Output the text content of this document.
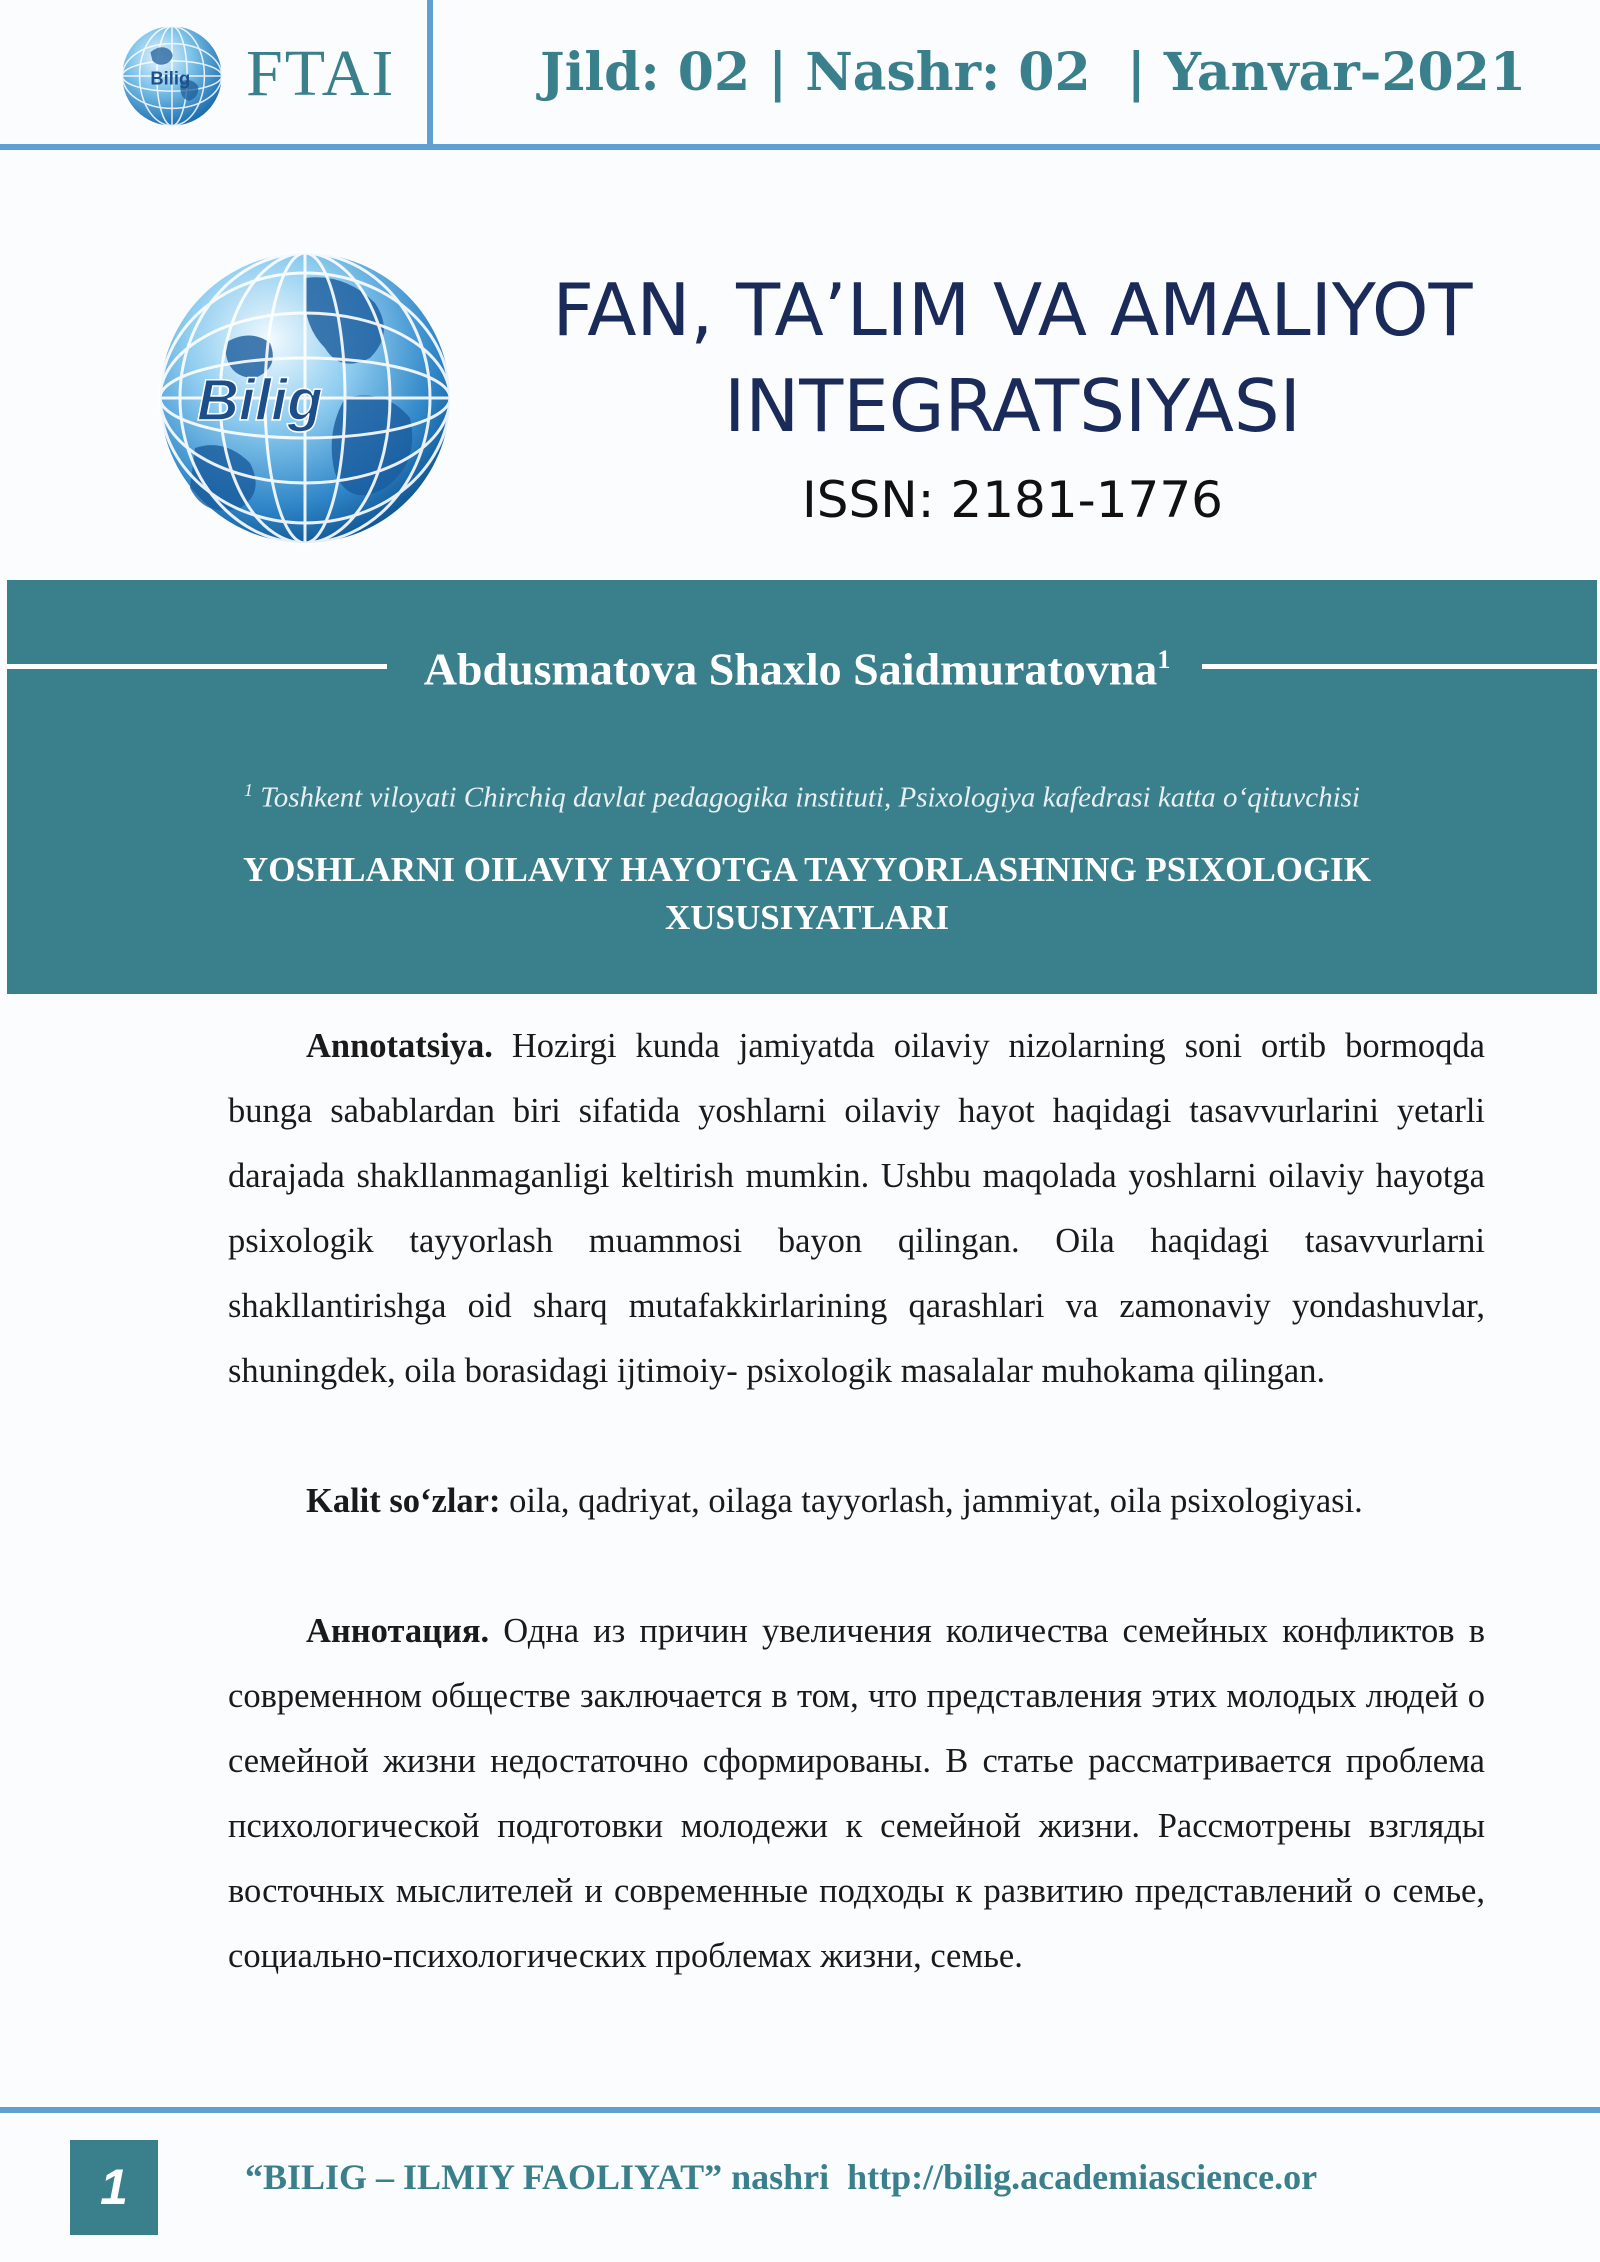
Bilig FTAI	Jild: 02 | Nashr: 02  | Yanvar-2021
Bilig
FAN, TA’LIM VA AMALIYOT
INTEGRATSIYASI
ISSN: 2181-1776
Abdusmatova Shaxlo Saidmuratovna$^1$
$^1$ Toshkent viloyati Chirchiq davlat pedagogika instituti, Psixologiya kafedrasi katta o‘qituvchisi
YOSHLARNI OILAVIY HAYOTGA TAYYORLASHNING PSIXOLOGIK XUSUSIYATLARI
Annotatsiya. Hozirgi kunda jamiyatda oilaviy nizolarning soni ortib bormoqda bunga sabablardan biri sifatida yoshlarni oilaviy hayot haqidagi tasavvurlarini yetarli darajada shakllanmaganligi keltirish mumkin. Ushbu maqolada yoshlarni oilaviy hayotga psixologik tayyorlash muammosi bayon qilingan. Oila haqidagi tasavvurlarni shakllantirishga oid sharq mutafakkirlarining qarashlari va zamonaviy yondashuvlar, shuningdek, oila borasidagi ijtimoiy- psixologik masalalar muhokama qilingan.
Kalit so‘zlar: oila, qadriyat, oilaga tayyorlash, jammiyat, oila psixologiyasi.
Аннотация. Одна из причин увеличения количества семейных конфликтов в современном обществе заключается в том, что представления этих молодых людей о семейной жизни недостаточно сформированы. В статье рассматривается проблема психологической подготовки молодежи к семейной жизни. Рассмотрены взгляды восточных мыслителей и современные подходы к развитию представлений о семье, социально-психологических проблемах жизни, семье.
1	“BILIG – ILMIY FAOLIYAT” nashri  http://bilig.academiascience.or
